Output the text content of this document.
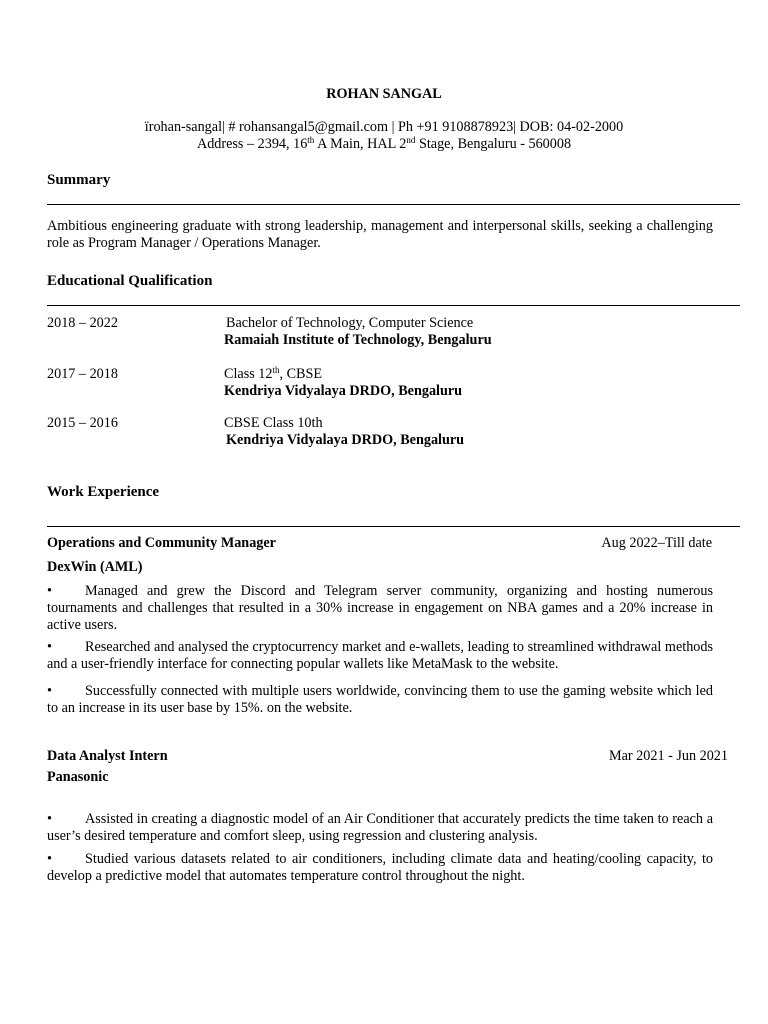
ROHAN SANGAL
ïrohan-sangal| # rohansangal5@gmail.com | Ph +91 9108878923| DOB: 04-02-2000
Address – 2394, 16th A Main, HAL 2nd Stage, Bengaluru - 560008
Summary
Ambitious engineering graduate with strong leadership, management and interpersonal skills, seeking a challenging role as Program Manager / Operations Manager.
Educational Qualification
2018 – 2022	Bachelor of Technology, Computer Science
Ramaiah Institute of Technology, Bengaluru
2017 – 2018	Class 12th, CBSE
Kendriya Vidyalaya DRDO, Bengaluru
2015 – 2016	CBSE Class 10th
Kendriya Vidyalaya DRDO, Bengaluru
Work Experience
Operations and Community Manager	Aug 2022–Till date
DexWin (AML)
• Managed and grew the Discord and Telegram server community, organizing and hosting numerous tournaments and challenges that resulted in a 30% increase in engagement on NBA games and a 20% increase in active users.
• Researched and analysed the cryptocurrency market and e-wallets, leading to streamlined withdrawal methods and a user-friendly interface for connecting popular wallets like MetaMask to the website.
• Successfully connected with multiple users worldwide, convincing them to use the gaming website which led to an increase in its user base by 15%. on the website.
Data Analyst Intern	Mar 2021 - Jun 2021
Panasonic
• Assisted in creating a diagnostic model of an Air Conditioner that accurately predicts the time taken to reach a user’s desired temperature and comfort sleep, using regression and clustering analysis.
• Studied various datasets related to air conditioners, including climate data and heating/cooling capacity, to develop a predictive model that automates temperature control throughout the night.
